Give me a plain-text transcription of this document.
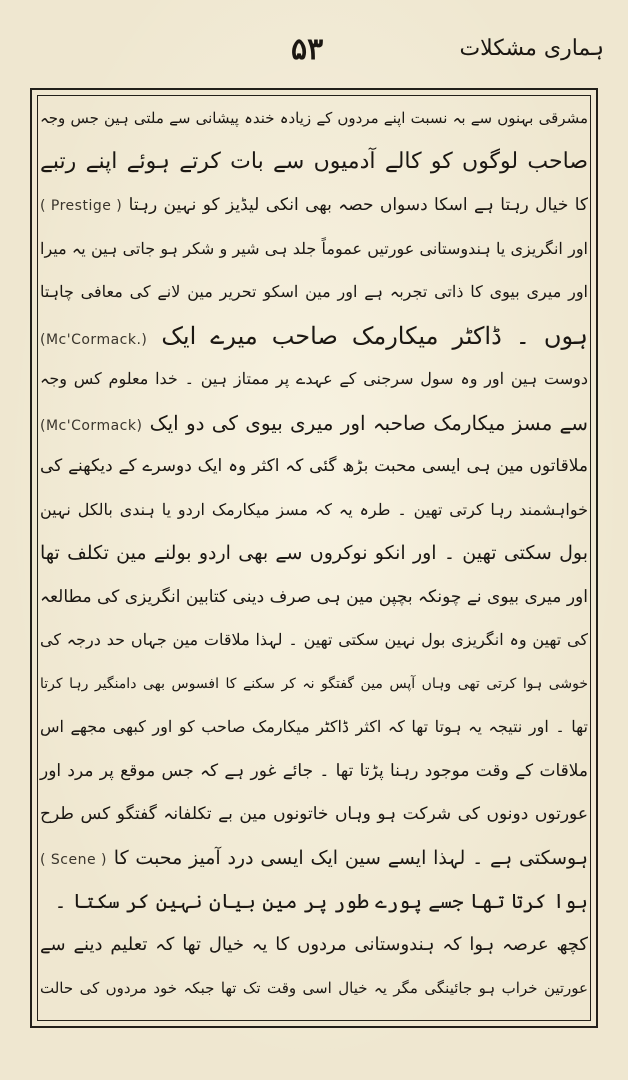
ہماری مشکلات
۵۳
مشرقی بہنوں سے بہ نسبت اپنے مردوں کے زیادہ خندہ پیشانی سے ملتی ہین جس وجہ
صاحب لوگوں کو کالے آدمیوں سے بات کرتے ہوئے اپنے رتبے
کا خیال رہتا ہے اسکا دسواں حصہ بھی انکی لیڈیز کو نہین رہتا ( Prestige )
اور انگریزی یا ہندوستانی عورتیں عموماً جلد ہی شیر و شکر ہو جاتی ہین یہ میرا
اور میری بیوی کا ذاتی تجربہ ہے اور مین اسکو تحریر مین لانے کی معافی چاہتا
ہوں ۔ ڈاکٹر میکارمک صاحب میرے ایک (Mc'Cormack.)
دوست ہین اور وہ سول سرجنی کے عہدے پر ممتاز ہین ۔ خدا معلوم کس وجہ
سے مسز میکارمک صاحبہ اور میری بیوی کی دو ایک (Mc'Cormack)
ملاقاتوں مین ہی ایسی محبت بڑھ گئی کہ اکثر وہ ایک دوسرے کے دیکھنے کی
خواہشمند رہا کرتی تھین ۔ طرہ یہ کہ مسز میکارمک اردو یا ہندی بالکل نہین
بول سکتی تھین ۔ اور انکو نوکروں سے بھی اردو بولنے مین تکلف تھا
اور میری بیوی نے چونکہ بچپن مین ہی صرف دینی کتابین انگریزی کی مطالعہ
کی تھین وہ انگریزی بول نہین سکتی تھین ۔ لہذا ملاقات مین جہاں حد درجہ کی
خوشی ہوا کرتی تھی وہاں آپس مین گفتگو نہ کر سکنے کا افسوس بھی دامنگیر رہا کرتا
تھا ۔ اور نتیجہ یہ ہوتا تھا کہ اکثر ڈاکٹر میکارمک صاحب کو اور کبھی مجھے اس
ملاقات کے وقت موجود رہنا پڑتا تھا ۔ جائے غور ہے کہ جس موقع پر مرد اور
عورتوں دونوں کی شرکت ہو وہاں خاتونوں مین بے تکلفانہ گفتگو کس طرح
ہوسکتی ہے ۔ لہذا ایسے سین ایک ایسی درد آمیز محبت کا ( Scene )
ہوا کرتا تھا جسے پورے طور پر مین بیان نہین کر سکتا ۔
کچھ عرصہ ہوا کہ ہندوستانی مردوں کا یہ خیال تھا کہ تعلیم دینے سے
عورتین خراب ہو جائینگی مگر یہ خیال اسی وقت تک تھا جبکہ خود مردوں کی حالت
